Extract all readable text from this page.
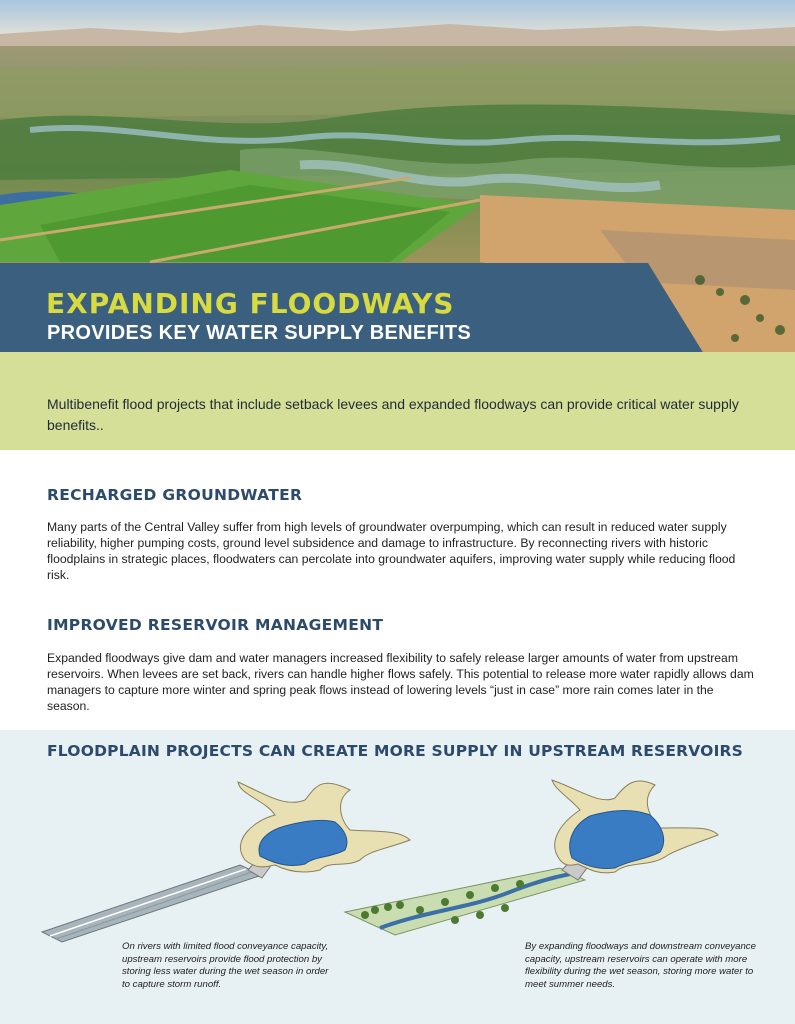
EXPANDING FLOODWAYS
PROVIDES KEY WATER SUPPLY BENEFITS

Multibenefit flood projects that include setback levees and expanded floodways can provide critical water supply benefits..

RECHARGED GROUNDWATER

Many parts of the Central Valley suffer from high levels of groundwater overpumping, which can result in reduced water supply reliability, higher pumping costs, ground level subsidence and damage to infrastructure. By reconnecting rivers with historic floodplains in strategic places, floodwaters can percolate into groundwater aquifers, improving water supply while reducing flood risk.

IMPROVED RESERVOIR MANAGEMENT

Expanded floodways give dam and water managers increased flexibility to safely release larger amounts of water from upstream reservoirs. When levees are set back, rivers can handle higher flows safely. This potential to release more water rapidly allows dam managers to capture more winter and spring peak flows instead of lowering levels “just in case” more rain comes later in the season.

FLOODPLAIN PROJECTS CAN CREATE MORE SUPPLY IN UPSTREAM RESERVOIRS

On rivers with limited flood conveyance capacity, upstream reservoirs provide flood protection by storing less water during the wet season in order to capture storm runoff.

By expanding floodways and downstream conveyance capacity, upstream reservoirs can operate with more flexibility during the wet season, storing more water to meet summer needs.
